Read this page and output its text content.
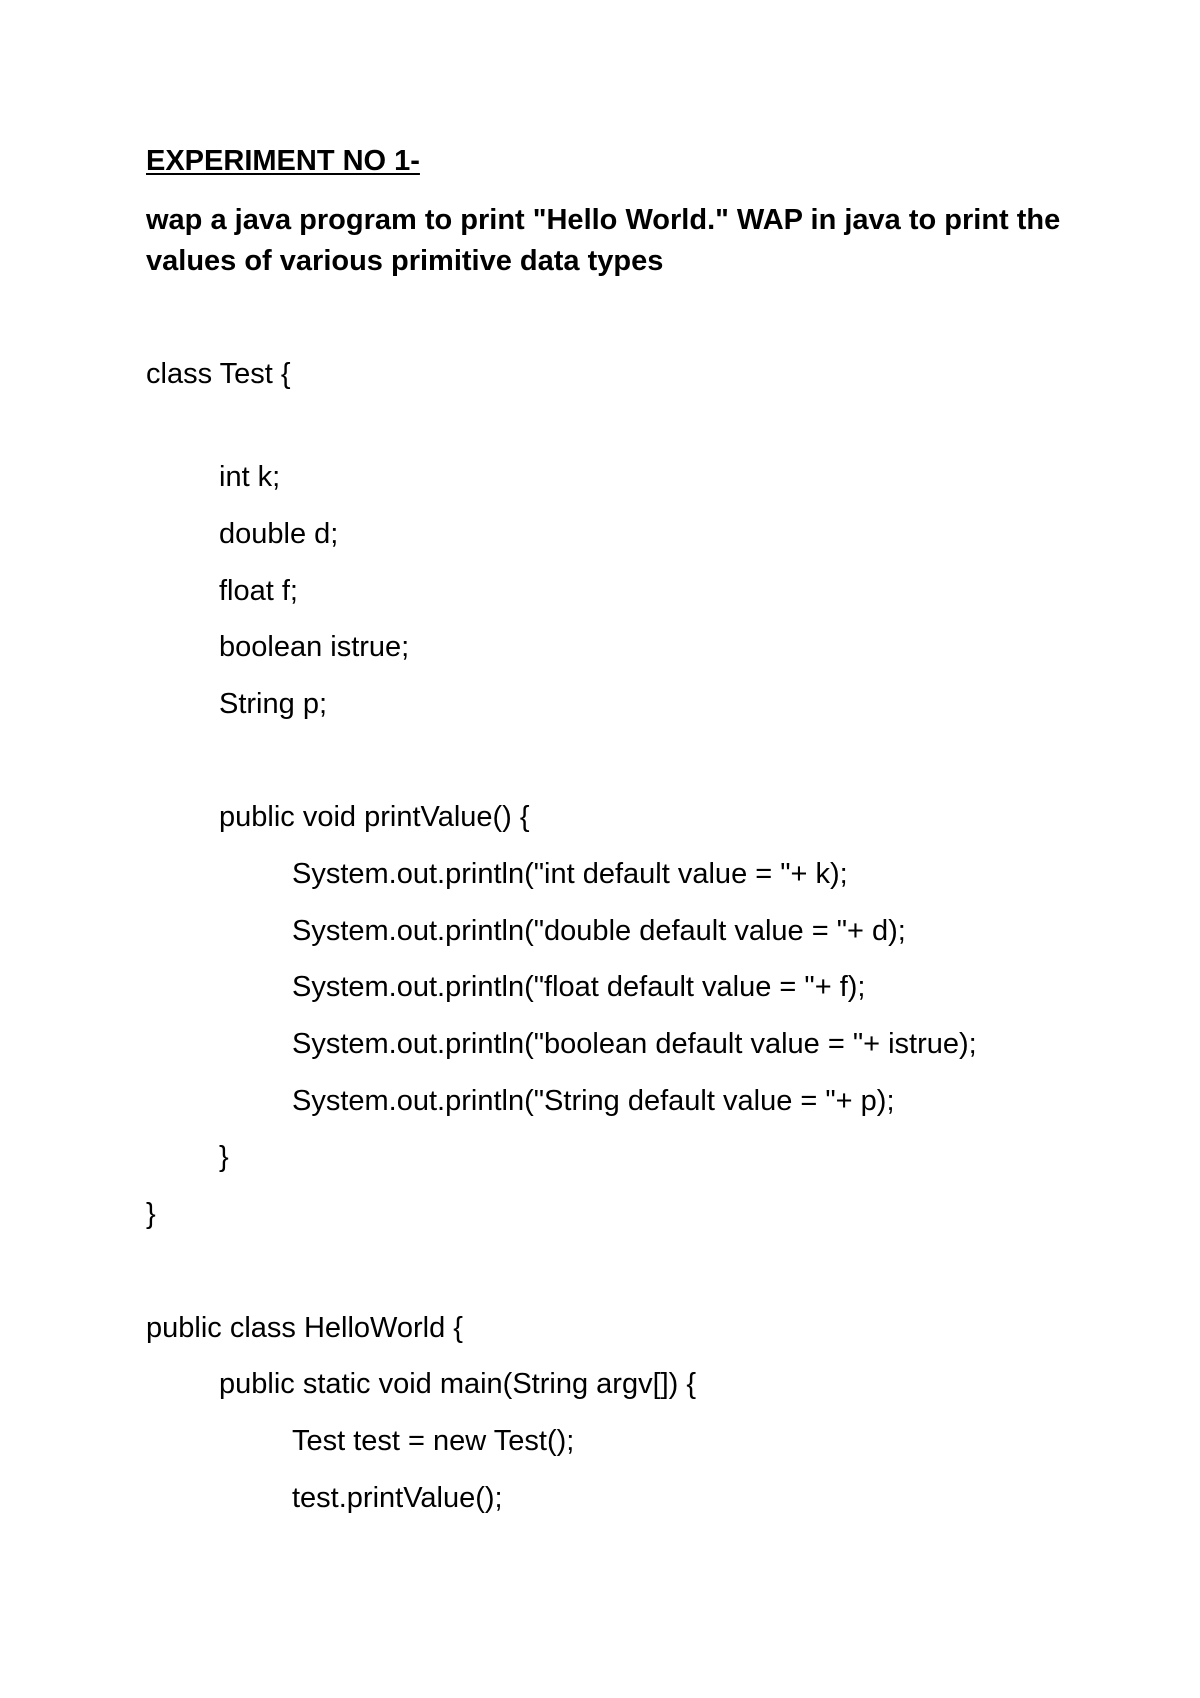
EXPERIMENT NO 1-
wap a java program to print "Hello World." WAP in java to print the values of various primitive data types
class Test {
int k;
double d;
float f;
boolean istrue;
String p;
public void printValue() {
System.out.println("int default value = "+ k);
System.out.println("double default value = "+ d);
System.out.println("float default value = "+ f);
System.out.println("boolean default value = "+ istrue);
System.out.println("String default value = "+ p);
}
}
public class HelloWorld {
public static void main(String argv[]) {
Test test = new Test();
test.printValue();
